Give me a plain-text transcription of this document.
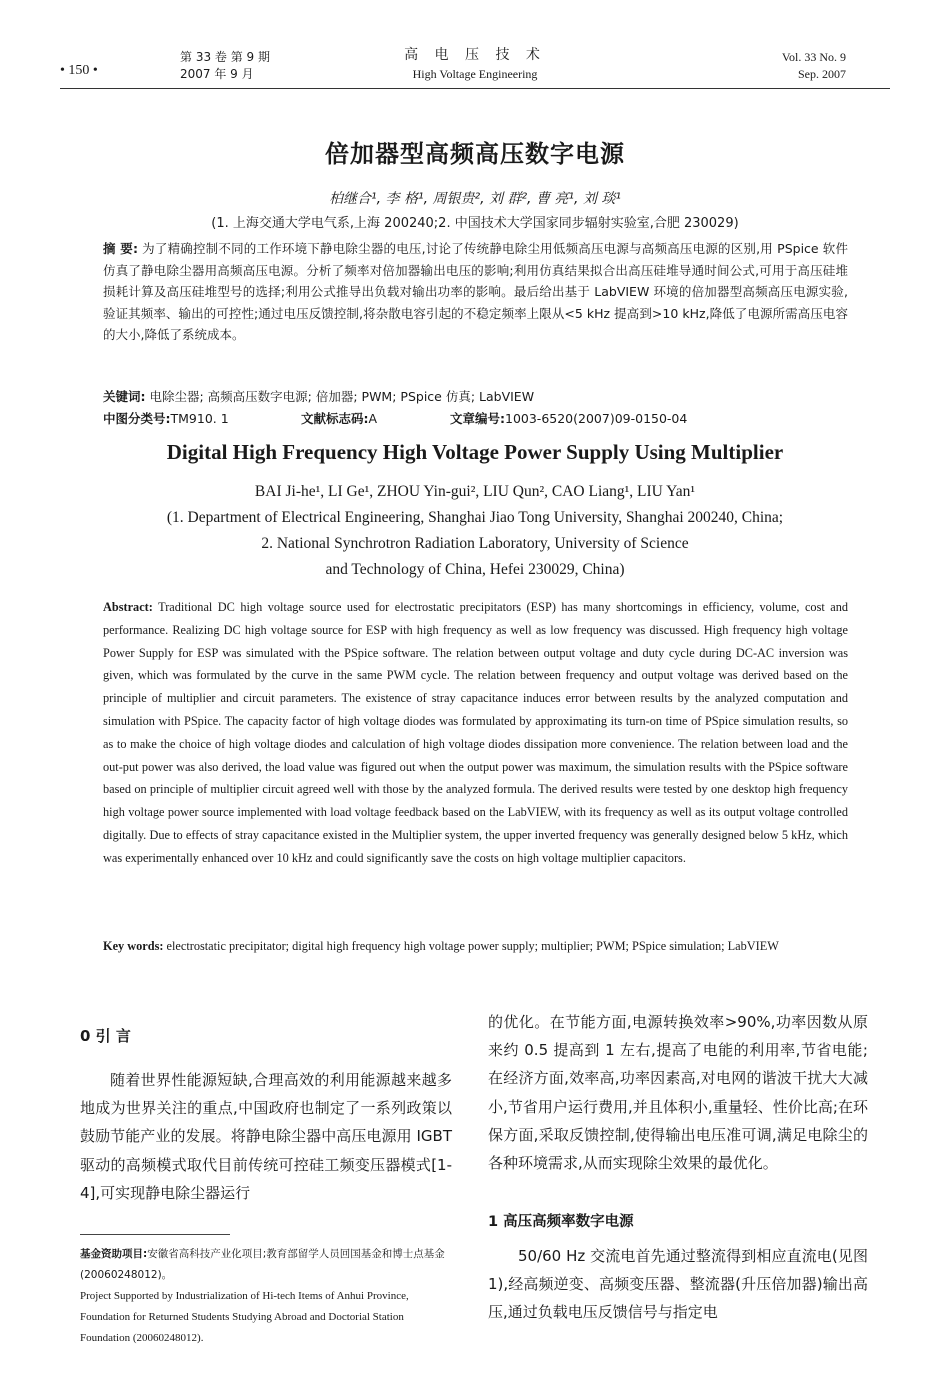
• 150 •
第 33 卷 第 9 期
2007 年 9 月
高 电 压 技 术
High Voltage Engineering
Vol. 33 No. 9
Sep. 2007
倍加器型高频高压数字电源
柏继合¹, 李 格¹, 周银贵², 刘 群², 曹 亮¹, 刘 琰¹
(1. 上海交通大学电气系,上海 200240;2. 中国技术大学国家同步辐射实验室,合肥 230029)
摘 要: 为了精确控制不同的工作环境下静电除尘器的电压,讨论了传统静电除尘用低频高压电源与高频高压电源的区别,用 PSpice 软件仿真了静电除尘器用高频高压电源。分析了频率对倍加器输出电压的影响;利用仿真结果拟合出高压硅堆导通时间公式,可用于高压硅堆损耗计算及高压硅堆型号的选择;利用公式推导出负载对输出功率的影响。最后给出基于 LabVIEW 环境的倍加器型高频高压电源实验,验证其频率、输出的可控性;通过电压反馈控制,将杂散电容引起的不稳定频率上限从<5 kHz 提高到>10 kHz,降低了电源所需高压电容的大小,降低了系统成本。
关键词: 电除尘器; 高频高压数字电源; 倍加器; PWM; PSpice 仿真; LabVIEW
中图分类号:TM910. 1	文献标志码:A	文章编号:1003-6520(2007)09-0150-04
Digital High Frequency High Voltage Power Supply Using Multiplier
BAI Ji-he¹, LI Ge¹, ZHOU Yin-gui², LIU Qun², CAO Liang¹, LIU Yan¹
(1. Department of Electrical Engineering, Shanghai Jiao Tong University, Shanghai 200240, China;
2. National Synchrotron Radiation Laboratory, University of Science
and Technology of China, Hefei 230029, China)
Abstract: Traditional DC high voltage source used for electrostatic precipitators (ESP) has many shortcomings in efficiency, volume, cost and performance. Realizing DC high voltage source for ESP with high frequency as well as low frequency was discussed. High frequency high voltage Power Supply for ESP was simulated with the PSpice software. The relation between output voltage and duty cycle during DC-AC inversion was given, which was formulated by the curve in the same PWM cycle. The relation between frequency and output voltage was derived based on the principle of multiplier and circuit parameters. The existence of stray capacitance induces error between results by the analyzed computation and simulation with PSpice. The capacity factor of high voltage diodes was formulated by approximating its turn-on time of PSpice simulation results, so as to make the choice of high voltage diodes and calculation of high voltage diodes dissipation more convenience. The relation between load and the out-put power was also derived, the load value was figured out when the output power was maximum, the simulation results with the PSpice software based on principle of multiplier circuit agreed well with those by the analyzed formula. The derived results were tested by one desktop high frequency high voltage power source implemented with load voltage feedback based on the LabVIEW, with its frequency as well as its output voltage controlled digitally. Due to effects of stray capacitance existed in the Multiplier system, the upper inverted frequency was generally designed below 5 kHz, which was experimentally enhanced over 10 kHz and could significantly save the costs on high voltage multiplier capacitors.
Key words: electrostatic precipitator; digital high frequency high voltage power supply; multiplier; PWM; PSpice simulation; LabVIEW
0 引 言
随着世界性能源短缺,合理高效的利用能源越来越多地成为世界关注的重点,中国政府也制定了一系列政策以鼓励节能产业的发展。将静电除尘器中高压电源用 IGBT 驱动的高频模式取代目前传统可控硅工频变压器模式[1-4],可实现静电除尘器运行
基金资助项目:安徽省高科技产业化项目;教育部留学人员回国基金和博士点基金(20060248012)。
Project Supported by Industrialization of Hi-tech Items of Anhui Province, Foundation for Returned Students Studying Abroad and Doctorial Station Foundation (20060248012).
的优化。在节能方面,电源转换效率>90%,功率因数从原来约 0.5 提高到 1 左右,提高了电能的利用率,节省电能;在经济方面,效率高,功率因素高,对电网的谐波干扰大大减小,节省用户运行费用,并且体积小,重量轻、性价比高;在环保方面,采取反馈控制,使得输出电压准可调,满足电除尘的各种环境需求,从而实现除尘效果的最优化。
1 高压高频率数字电源
50/60 Hz 交流电首先通过整流得到相应直流电(见图 1),经高频逆变、高频变压器、整流器(升压倍加器)输出高压,通过负载电压反馈信号与指定电
